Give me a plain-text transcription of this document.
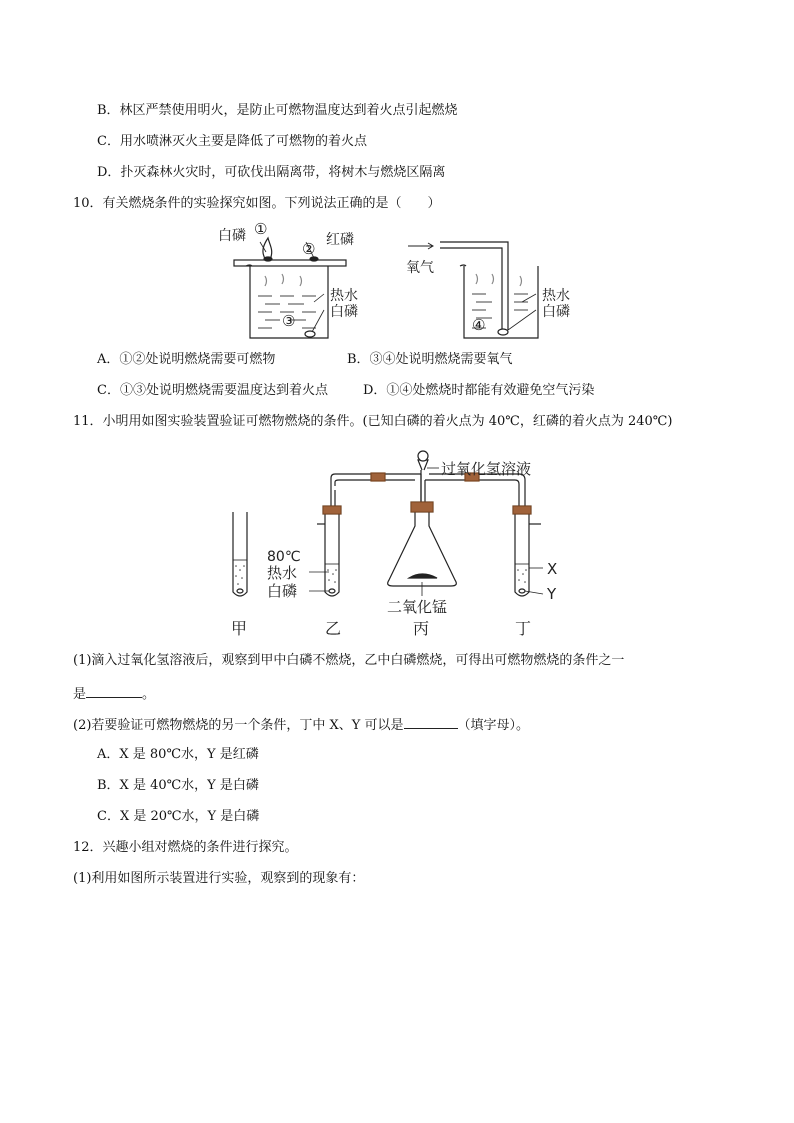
B．林区严禁使用明火，是防止可燃物温度达到着火点引起燃烧
C．用水喷淋灭火主要是降低了可燃物的着火点
D．扑灭森林火灾时，可砍伐出隔离带，将树木与燃烧区隔离
10．有关燃烧条件的实验探究如图。下列说法正确的是（　　）
白磷 ①
② 红磷
热水
白磷
③
氧气
热水
白磷
④
A．①②处说明燃烧需要可燃物	B．③④处说明燃烧需要氧气
C．①③处说明燃烧需要温度达到着火点	D．①④处燃烧时都能有效避免空气污染
11．小明用如图实验装置验证可燃物燃烧的条件。(已知白磷的着火点为 40℃，红磷的着火点为 240℃)
过氧化氢溶液
80℃
热水
白磷
二氧化锰
X
Y
甲	乙	丙	丁
(1)滴入过氧化氢溶液后，观察到甲中白磷不燃烧，乙中白磷燃烧，可得出可燃物燃烧的条件之一
是	。
(2)若要验证可燃物燃烧的另一个条件，丁中 X、Y 可以是	（填字母）。
A．X 是 80℃水，Y 是红磷
B．X 是 40℃水，Y 是白磷
C．X 是 20℃水，Y 是白磷
12．兴趣小组对燃烧的条件进行探究。
(1)利用如图所示装置进行实验，观察到的现象有：
